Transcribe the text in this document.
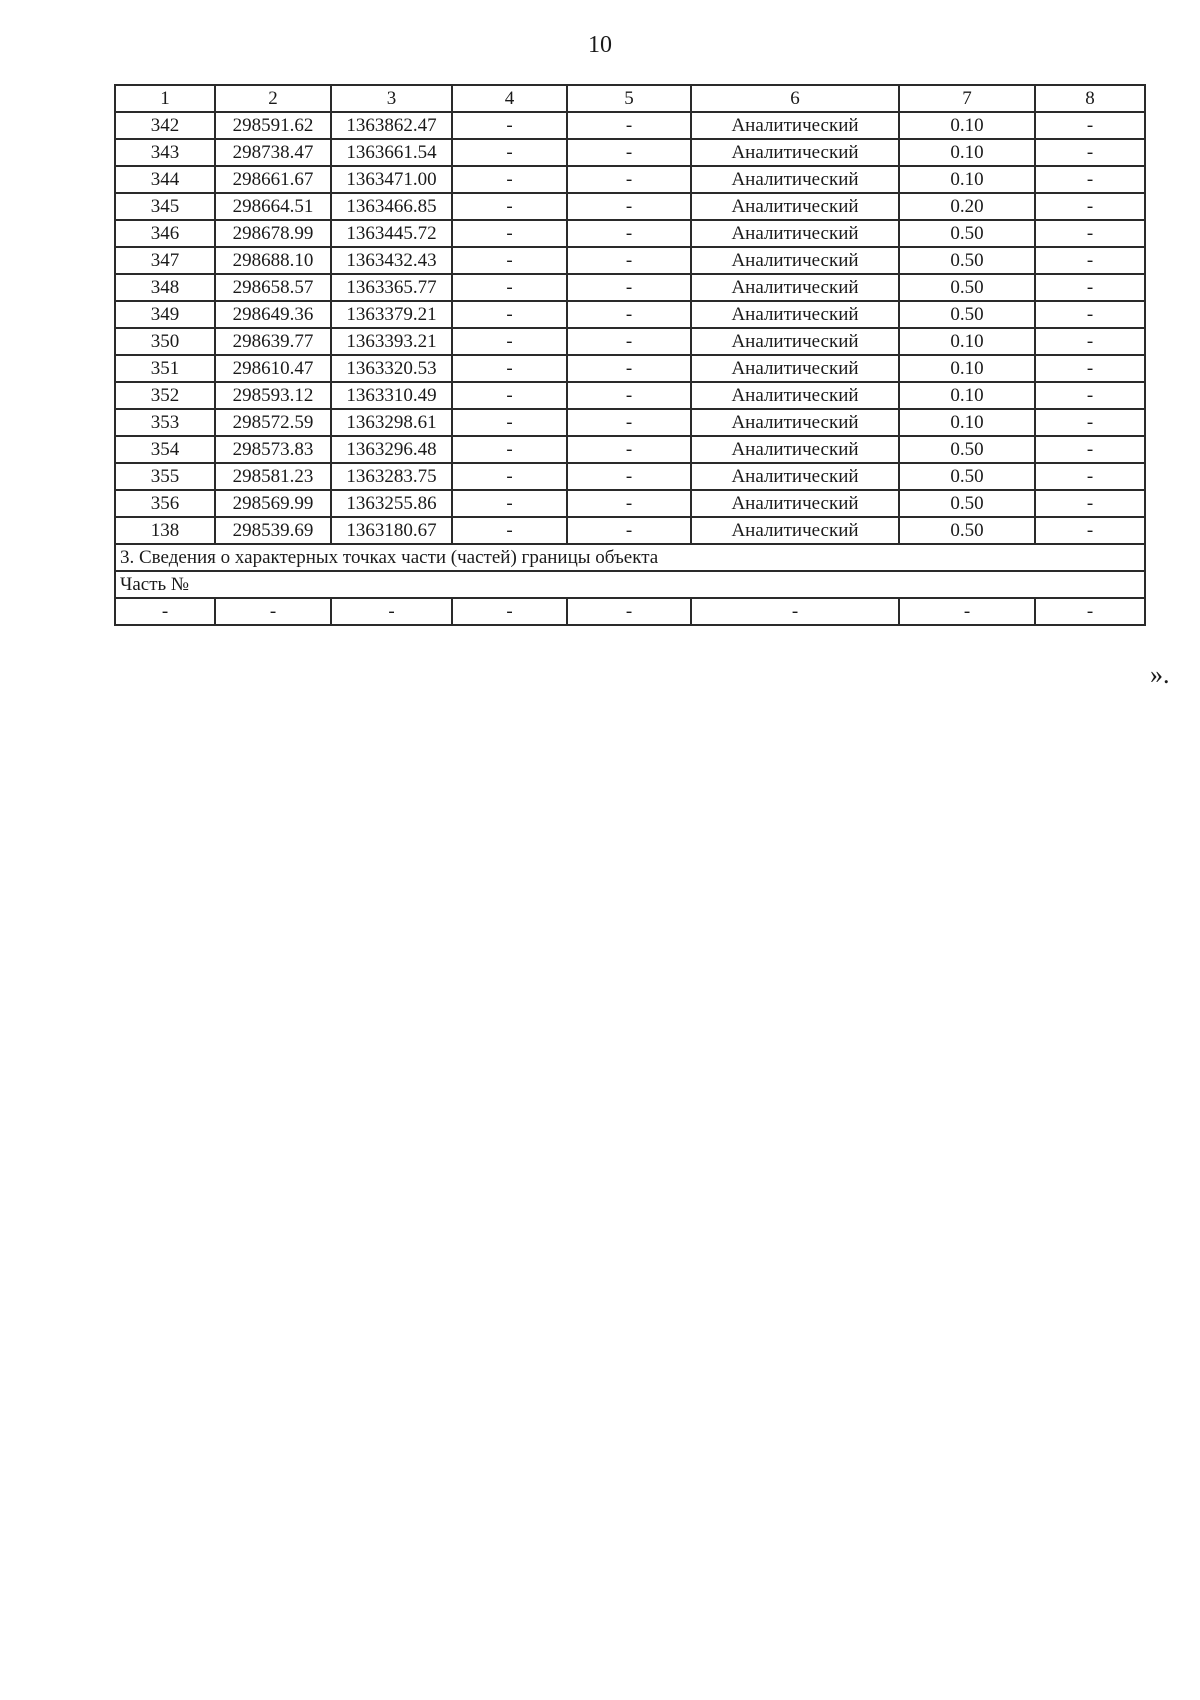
10
1	2	3	4	5	6	7	8
342	298591.62	1363862.47	-	-	Аналитический	0.10	-
343	298738.47	1363661.54	-	-	Аналитический	0.10	-
344	298661.67	1363471.00	-	-	Аналитический	0.10	-
345	298664.51	1363466.85	-	-	Аналитический	0.20	-
346	298678.99	1363445.72	-	-	Аналитический	0.50	-
347	298688.10	1363432.43	-	-	Аналитический	0.50	-
348	298658.57	1363365.77	-	-	Аналитический	0.50	-
349	298649.36	1363379.21	-	-	Аналитический	0.50	-
350	298639.77	1363393.21	-	-	Аналитический	0.10	-
351	298610.47	1363320.53	-	-	Аналитический	0.10	-
352	298593.12	1363310.49	-	-	Аналитический	0.10	-
353	298572.59	1363298.61	-	-	Аналитический	0.10	-
354	298573.83	1363296.48	-	-	Аналитический	0.50	-
355	298581.23	1363283.75	-	-	Аналитический	0.50	-
356	298569.99	1363255.86	-	-	Аналитический	0.50	-
138	298539.69	1363180.67	-	-	Аналитический	0.50	-
3. Сведения о характерных точках части (частей) границы объекта							
Часть №							
-	-	-	-	-	-	-	-
».
